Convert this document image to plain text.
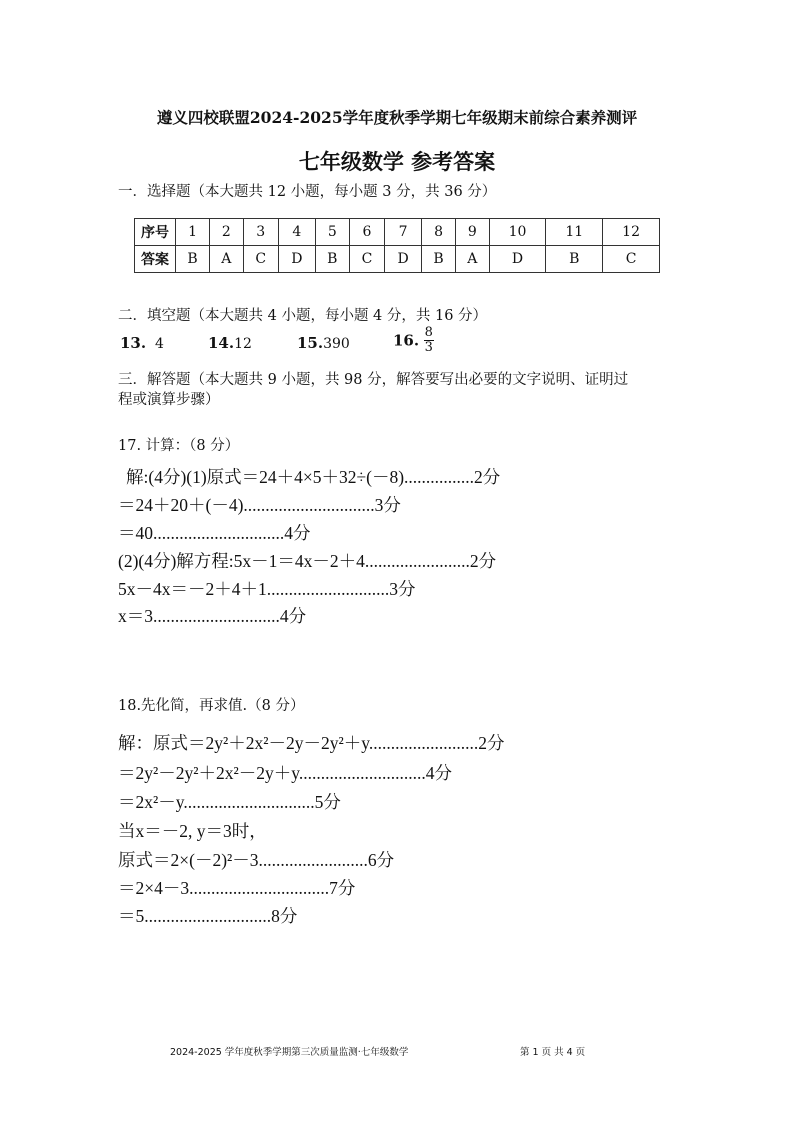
遵义四校联盟2024-2025学年度秋季学期七年级期末前综合素养测评
七年级数学 参考答案
一．选择题（本大题共 12 小题，每小题 3 分，共 36 分）
序号	1	2	3	4	5	6	7	8	9	10	11	12
答案	B	A	C	D	B	C	D	B	A	D	B	C
二．填空题（本大题共 4 小题，每小题 4 分，共 16 分）
13. 4	14.12	15.390	16. $\frac{8}{3}$
三．解答题（本大题共 9 小题，共 98 分，解答要写出必要的文字说明、证明过
程或演算步骤）
17. 计算：（8 分）
解:(4分)(1)原式＝24＋4×5＋32÷(－8)................2分
＝24＋20＋(－4)..............................3分
＝40..............................4分
(2)(4分)解方程:5x－1＝4x－2＋4........................2分
5x－4x＝－2＋4＋1............................3分
x＝3.............................4分
18.先化简，再求值.（8 分）
解：原式＝2y²＋2x²－2y－2y²＋y.........................2分
＝2y²－2y²＋2x²－2y＋y.............................4分
＝2x²－y..............................5分
当x＝－2, y＝3时，
原式＝2×(－2)²－3.........................6分
＝2×4－3................................7分
＝5.............................8分
2024-2025 学年度秋季学期第三次质量监测·七年级数学	第 1 页 共 4 页
